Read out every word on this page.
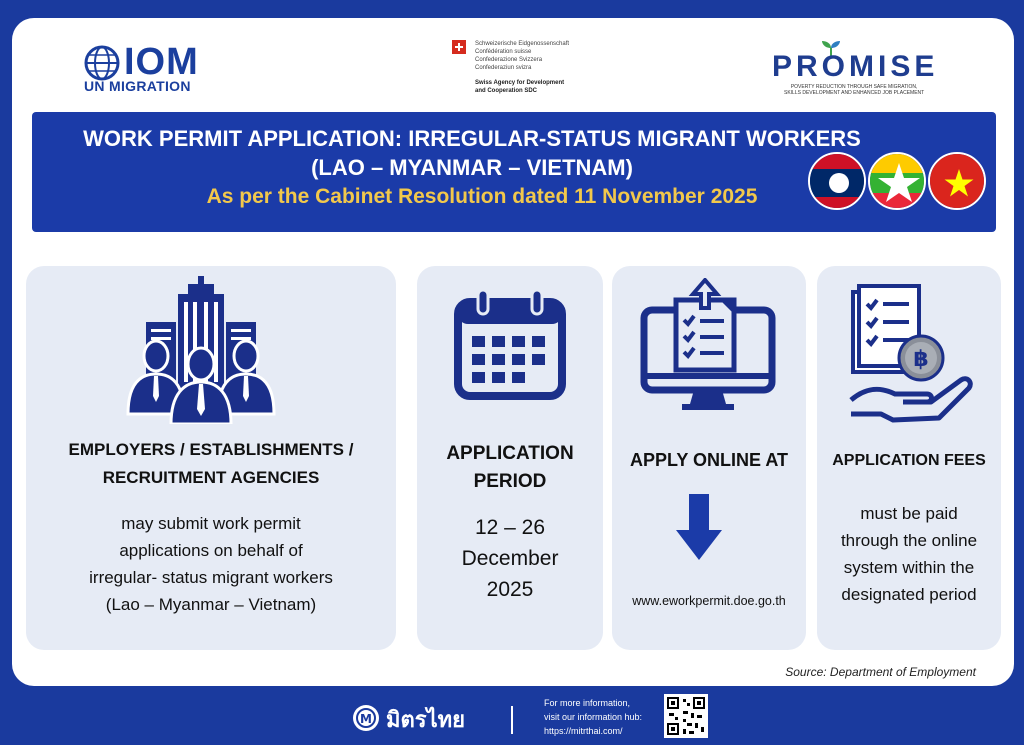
IOM
UN MIGRATION
Schweizerische Eidgenossenschaft
Confédération suisse
Confederazione Svizzera
Confederaziun svizra
Swiss Agency for Development
and Cooperation SDC
PROMISE
POVERTY REDUCTION THROUGH SAFE MIGRATION,
SKILLS DEVELOPMENT AND ENHANCED JOB PLACEMENT
WORK PERMIT APPLICATION: IRREGULAR-STATUS MIGRANT WORKERS
(LAO – MYANMAR – VIETNAM)
As per the Cabinet Resolution dated 11 November 2025
EMPLOYERS / ESTABLISHMENTS /
RECRUITMENT AGENCIES
may submit work permit
applications on behalf of
irregular- status migrant workers
(Lao – Myanmar – Vietnam)
APPLICATION
PERIOD
12 – 26
December
2025
APPLY ONLINE AT
www.eworkpermit.doe.go.th
฿
APPLICATION FEES
must be paid
through the online
system within the
designated period
Source: Department of Employment
M มิตรไทย
For more information,
visit our information hub:
https://mitrthai.com/
